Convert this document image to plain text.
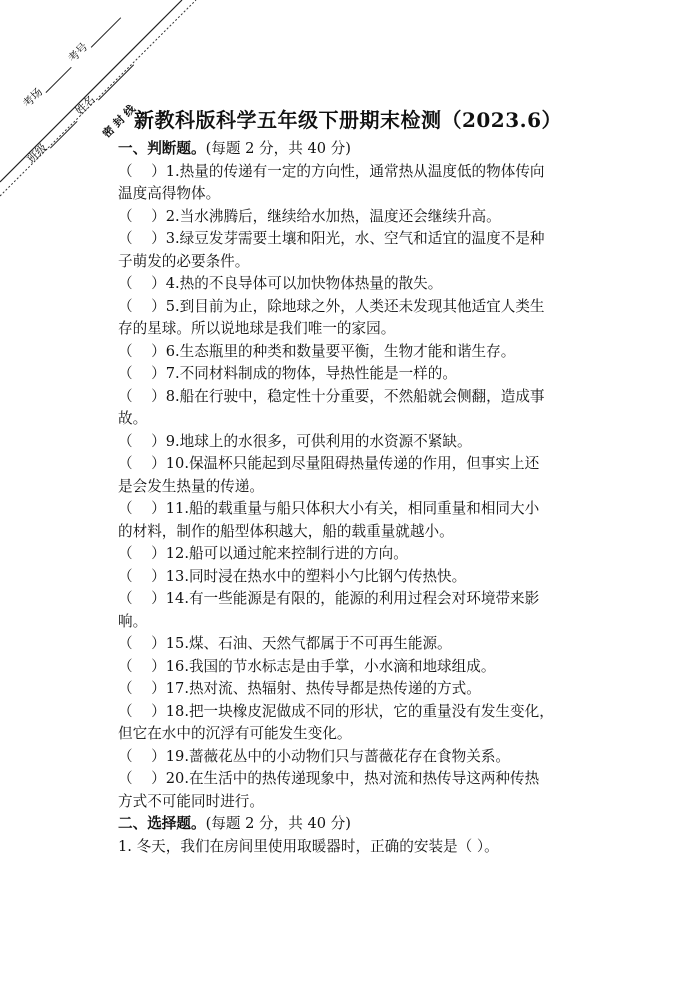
考场
考号
班级
姓名 密 封 线
新教科版科学五年级下册期末检测（2023.6）
一、判断题。(每题 2 分，共 40 分)
（    ）1.热量的传递有一定的方向性，通常热从温度低的物体传向
温度高得物体。
（    ）2.当水沸腾后，继续给水加热，温度还会继续升高。
（    ）3.绿豆发芽需要土壤和阳光，水、空气和适宜的温度不是种
子萌发的必要条件。
（    ）4.热的不良导体可以加快物体热量的散失。
（    ）5.到目前为止，除地球之外，人类还未发现其他适宜人类生
存的星球。所以说地球是我们唯一的家园。
（    ）6.生态瓶里的种类和数量要平衡，生物才能和谐生存。
（    ）7.不同材料制成的物体，导热性能是一样的。
（    ）8.船在行驶中，稳定性十分重要，不然船就会侧翻，造成事
故。
（    ）9.地球上的水很多，可供利用的水资源不紧缺。
（    ）10.保温杯只能起到尽量阻碍热量传递的作用，但事实上还
是会发生热量的传递。
（    ）11.船的载重量与船只体积大小有关，相同重量和相同大小
的材料，制作的船型体积越大，船的载重量就越小。
（    ）12.船可以通过舵来控制行进的方向。
（    ）13.同时浸在热水中的塑料小勺比钢勺传热快。
（    ）14.有一些能源是有限的，能源的利用过程会对环境带来影
响。
（    ）15.煤、石油、天然气都属于不可再生能源。
（    ）16.我国的节水标志是由手掌，小水滴和地球组成。
（    ）17.热对流、热辐射、热传导都是热传递的方式。
（    ）18.把一块橡皮泥做成不同的形状，它的重量没有发生变化，
但它在水中的沉浮有可能发生变化。
（    ）19.蔷薇花丛中的小动物们只与蔷薇花存在食物关系。
（    ）20.在生活中的热传递现象中，热对流和热传导这两种传热
方式不可能同时进行。
二、选择题。(每题 2 分，共 40 分)
1. 冬天，我们在房间里使用取暖器时，正确的安装是（ ）。
